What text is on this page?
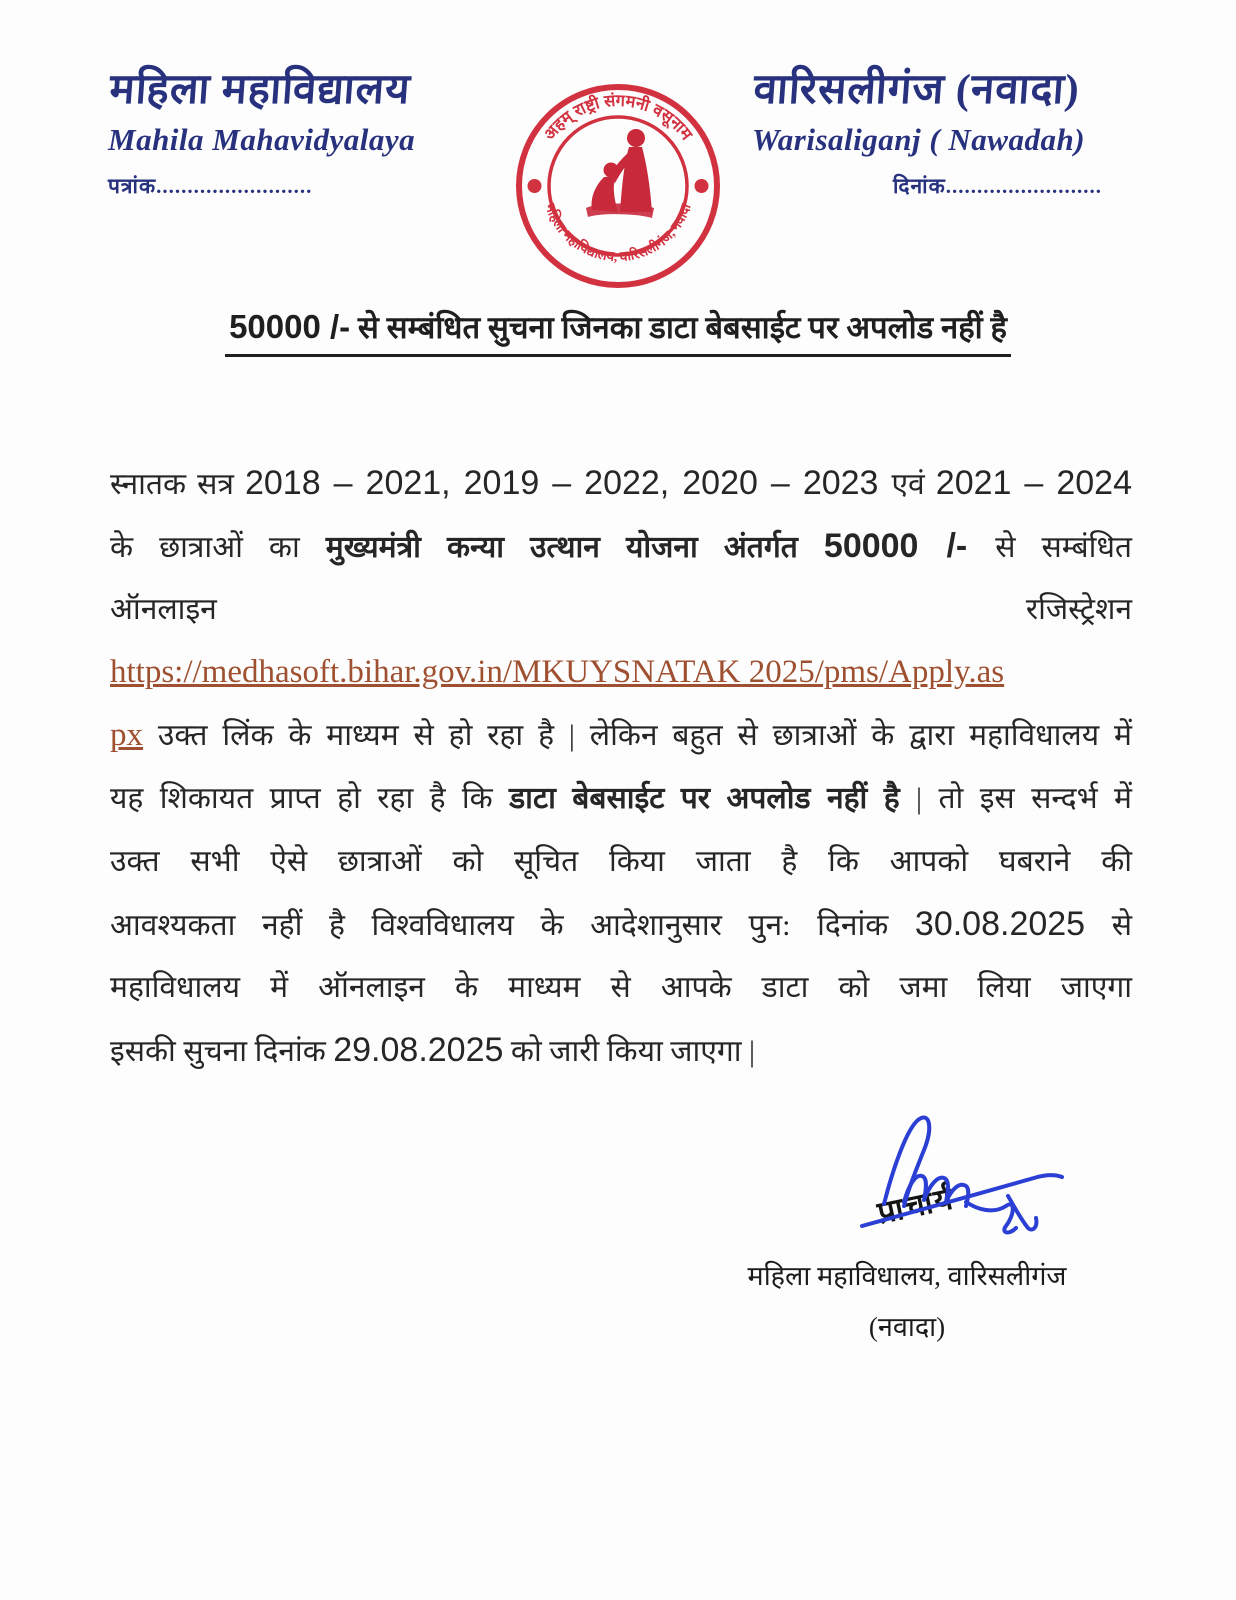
महिला महाविद्यालय
Mahila Mahavidyalaya
पत्रांक.........................
वारिसलीगंज (नवादा)
Warisaliganj ( Nawadah)
दिनांक.........................
अहम् राष्ट्री संगमनी वसूनाम
महिला महाविद्यालय, वारिसलीगंज, नवादा
50000 /- से सम्बंधित सुचना जिनका डाटा बेबसाईट पर अपलोड नहीं है
स्नातक सत्र 2018 – 2021, 2019 – 2022, 2020 – 2023 एवं 2021 – 2024
के छात्राओं का मुख्यमंत्री कन्या उत्थान योजना अंतर्गत 50000 /- से सम्बंधित
ऑनलाइन	रजिस्ट्रेशन
https://medhasoft.bihar.gov.in/MKUYSNATAK 2025/pms/Apply.as
px उक्त लिंक के माध्यम से हो रहा है | लेकिन बहुत से छात्राओं के द्वारा महाविधालय में
यह शिकायत प्राप्त हो रहा है कि डाटा बेबसाईट पर अपलोड नहीं है | तो इस सन्दर्भ में
उक्त सभी ऐसे छात्राओं को सूचित किया जाता है कि आपको घबराने की
आवश्यकता नहीं है विश्वविधालय के आदेशानुसार पुन: दिनांक 30.08.2025 से
महाविधालय में ऑनलाइन के माध्यम से आपके डाटा को जमा लिया जाएगा
इसकी सुचना दिनांक 29.08.2025 को जारी किया जाएगा |
प्राचार्य
महिला महाविधालय, वारिसलीगंज
(नवादा)
